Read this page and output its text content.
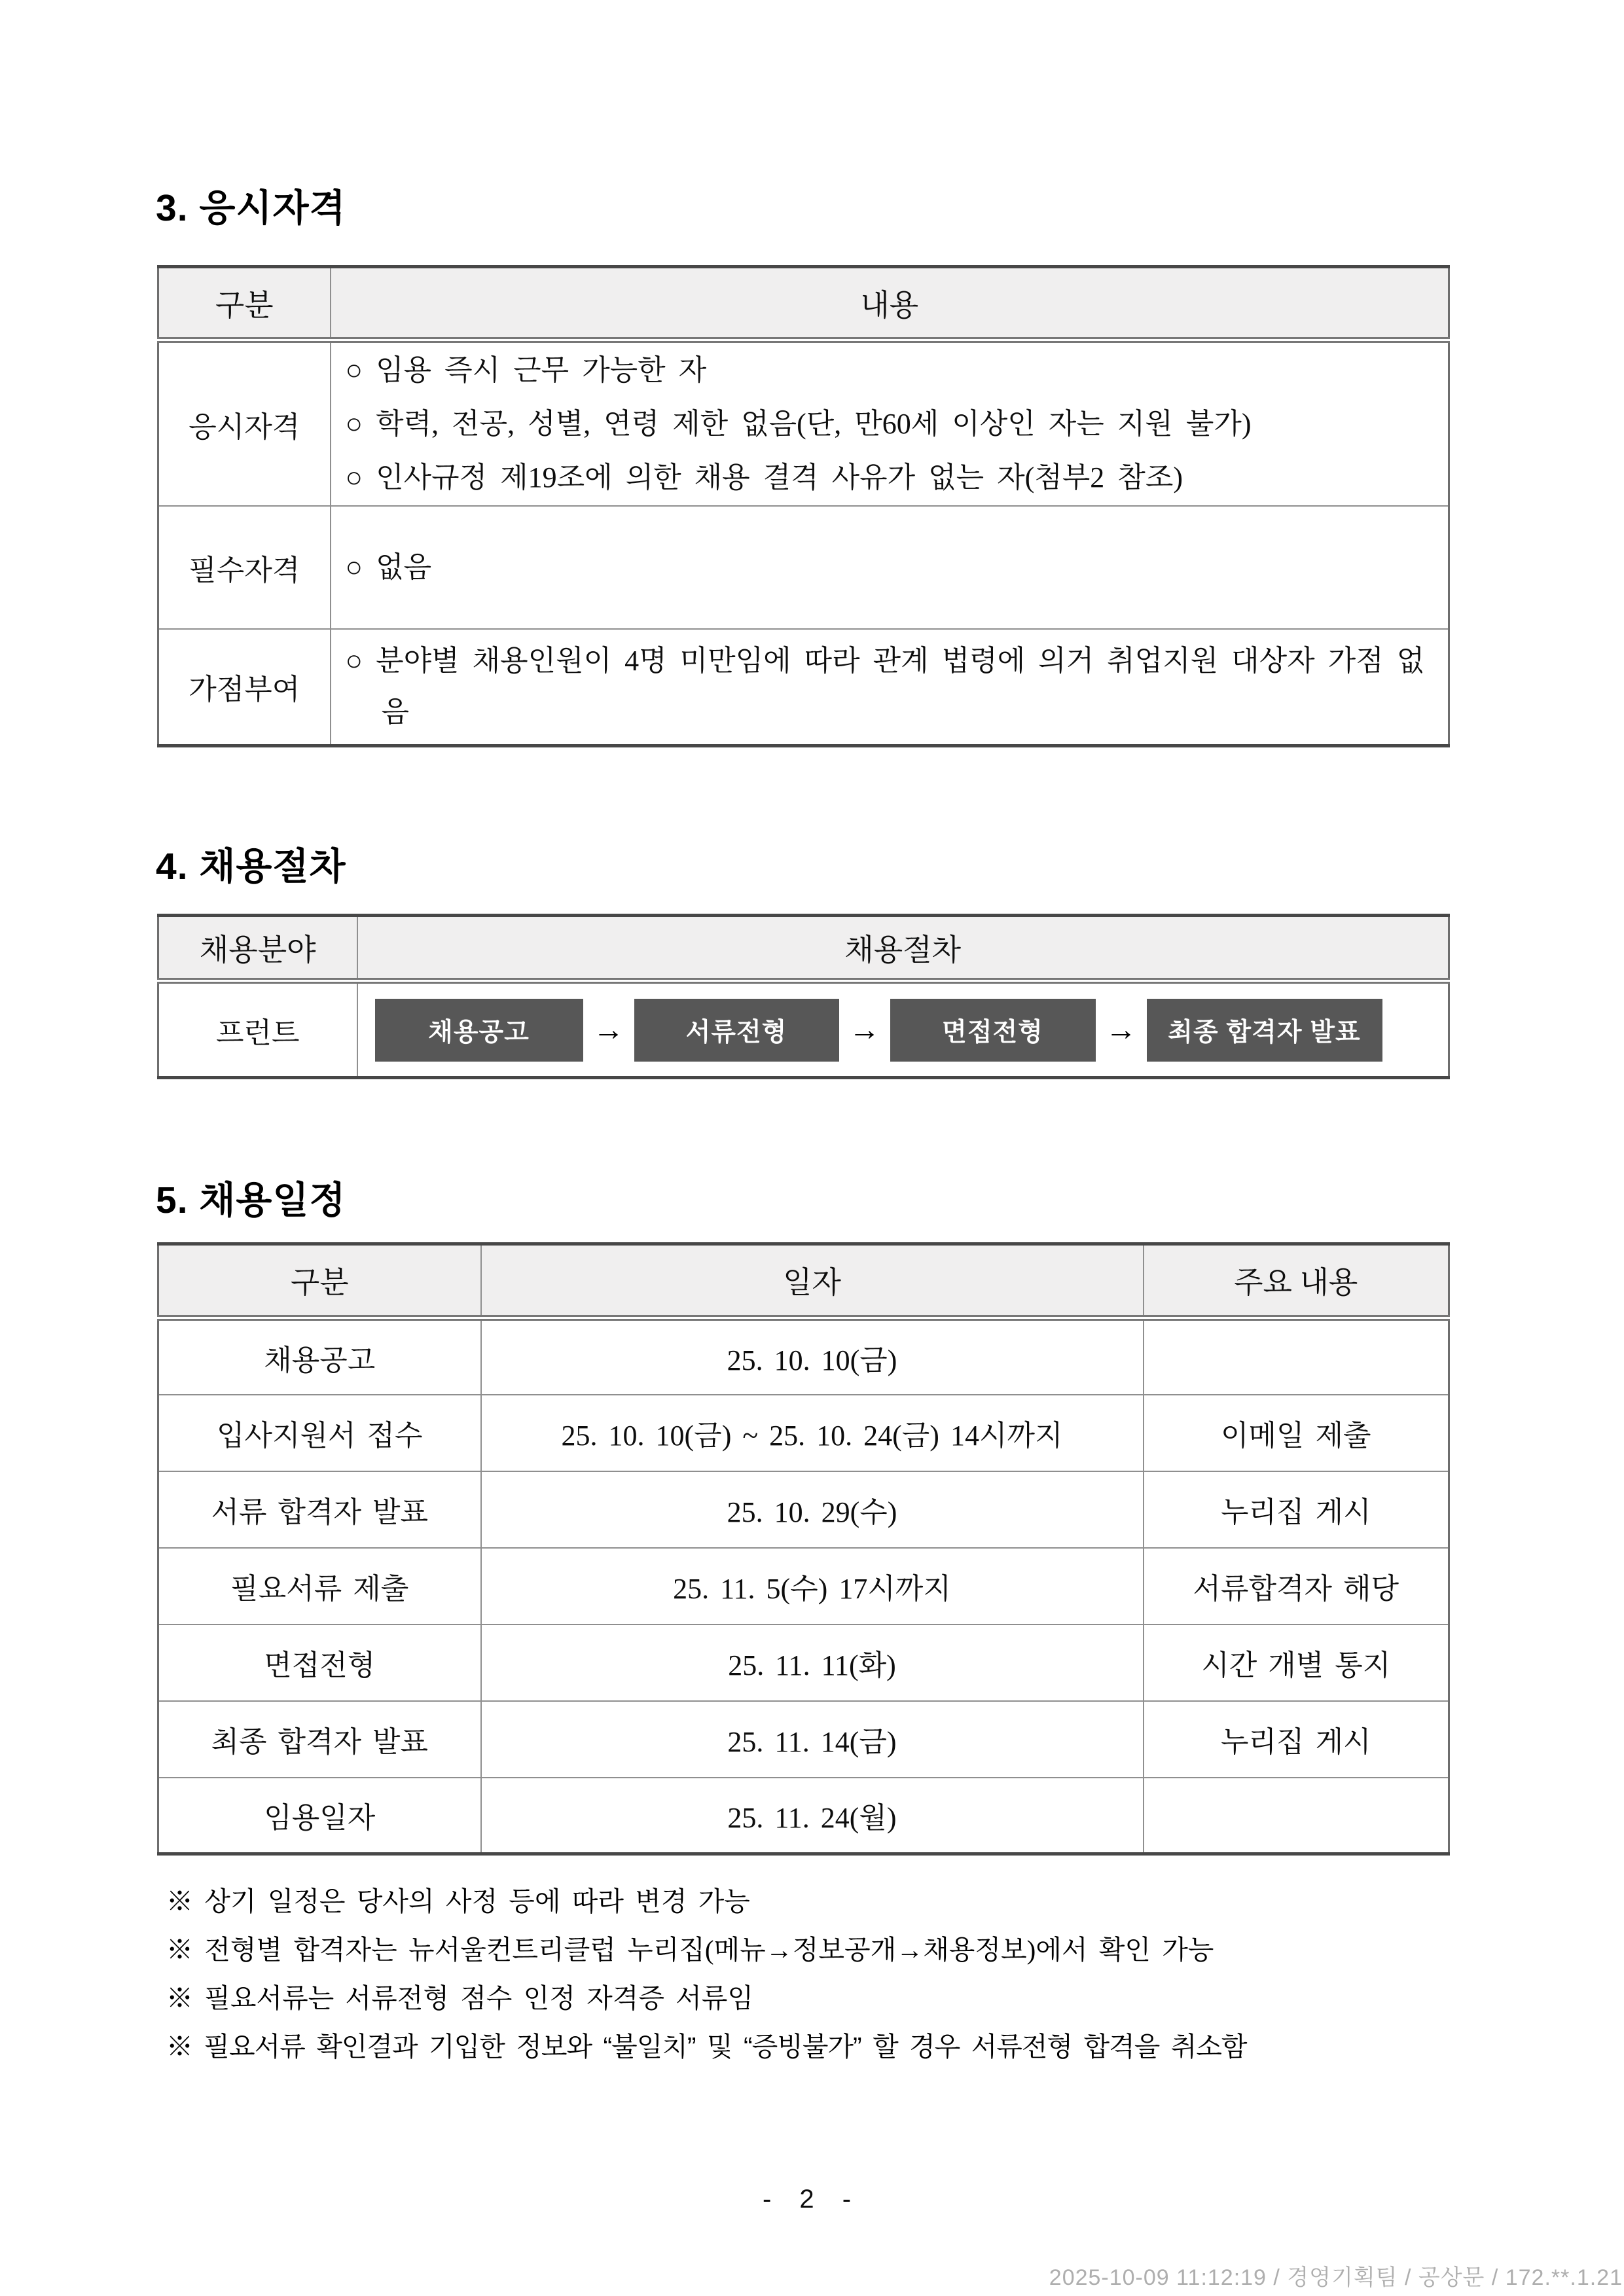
3. 응시자격
구분	내용
응시자격	○ 임용 즉시 근무 가능한 자
○ 학력, 전공, 성별, 연령 제한 없음(단, 만60세 이상인 자는 지원 불가)
○ 인사규정 제19조에 의한 채용 결격 사유가 없는 자(첨부2 참조)

필수자격	○ 없음

가점부여	○ 분야별 채용인원이 4명 미만임에 따라 관계 법령에 의거 취업지원 대상자 가점 없음
4. 채용절차
채용분야	채용절차
프런트	채용공고	→	서류전형	→	면접전형	→	최종 합격자 발표
5. 채용일정
구분	일자	주요 내용
채용공고	25. 10. 10(금)	
입사지원서 접수	25. 10. 10(금) ~ 25. 10. 24(금) 14시까지	이메일 제출
서류 합격자 발표	25. 10. 29(수)	누리집 게시
필요서류 제출	25. 11. 5(수) 17시까지	서류합격자 해당
면접전형	25. 11. 11(화)	시간 개별 통지
최종 합격자 발표	25. 11. 14(금)	누리집 게시
임용일자	25. 11. 24(월)	
※ 상기 일정은 당사의 사정 등에 따라 변경 가능
※ 전형별 합격자는 뉴서울컨트리클럽 누리집(메뉴→정보공개→채용정보)에서 확인 가능
※ 필요서류는 서류전형 점수 인정 자격증 서류임
※ 필요서류 확인결과 기입한 정보와 “불일치” 및 “증빙불가” 할 경우 서류전형 합격을 취소함
- 2 -
2025-10-09 11:12:19 / 경영기획팀 / 공상문 / 172.**.1.21
